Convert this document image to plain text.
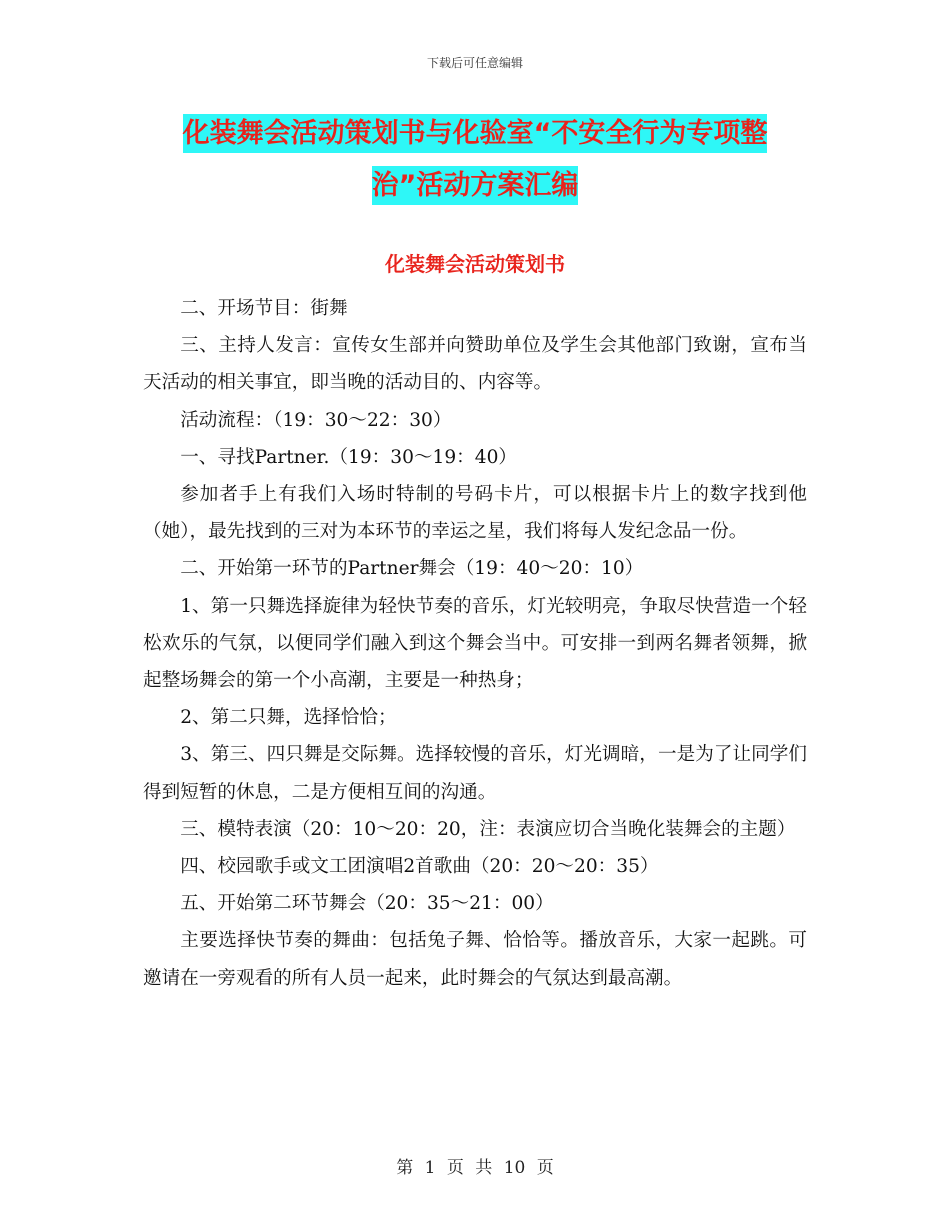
下载后可任意编辑
化装舞会活动策划书与化验室“不安全行为专项整
治”活动方案汇编
化装舞会活动策划书

二、开场节目：街舞

三、主持人发言：宣传女生部并向赞助单位及学生会其他部门致谢，宣布当天活动的相关事宜，即当晚的活动目的、内容等。

活动流程：（19：30～22：30）

一、寻找Partner.（19：30～19：40）

参加者手上有我们入场时特制的号码卡片，可以根据卡片上的数字找到他（她），最先找到的三对为本环节的幸运之星，我们将每人发纪念品一份。

二、开始第一环节的Partner舞会（19：40～20：10）

1、第一只舞选择旋律为轻快节奏的音乐，灯光较明亮，争取尽快营造一个轻松欢乐的气氛，以便同学们融入到这个舞会当中。可安排一到两名舞者领舞，掀起整场舞会的第一个小高潮，主要是一种热身；

2、第二只舞，选择恰恰；

3、第三、四只舞是交际舞。选择较慢的音乐，灯光调暗，一是为了让同学们得到短暂的休息，二是方便相互间的沟通。

三、模特表演（20：10～20：20，注：表演应切合当晚化装舞会的主题）

四、校园歌手或文工团演唱2首歌曲（20：20～20：35）

五、开始第二环节舞会（20：35～21：00）

主要选择快节奏的舞曲：包括兔子舞、恰恰等。播放音乐，大家一起跳。可邀请在一旁观看的所有人员一起来，此时舞会的气氛达到最高潮。

第 1 页 共 10 页
